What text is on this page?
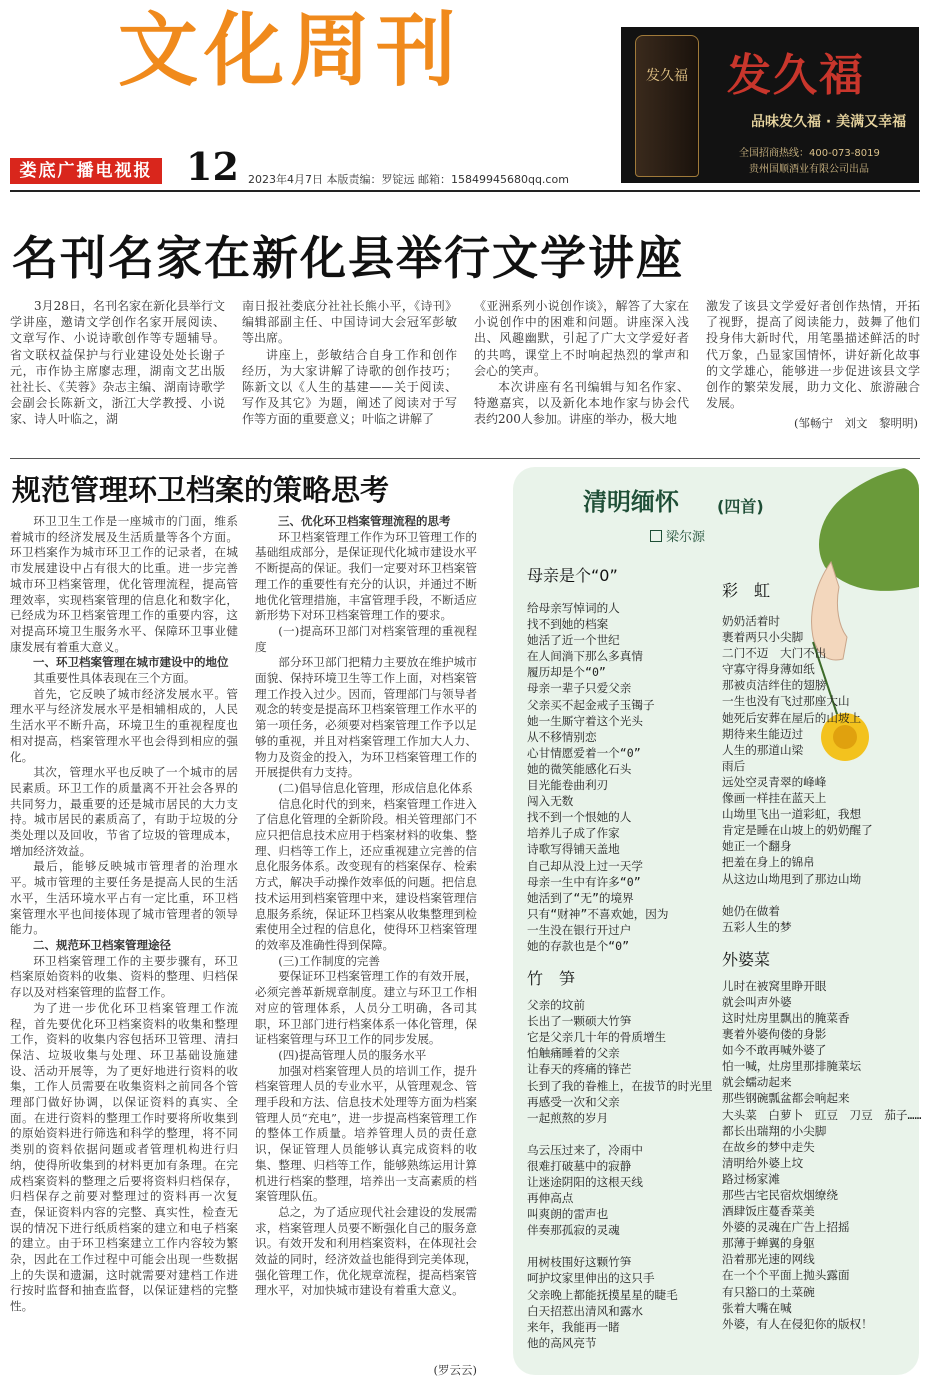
文化周刊
娄底广播电视报 12 2023年4月7日 本版责编：罗锭远 邮箱：15849945680qq.com
发久福 发久福
品味发久福 · 美满又幸福
全国招商热线：400-073-8019
贵州国顺酒业有限公司出品
名刊名家在新化县举行文学讲座

3月28日，名刊名家在新化县举行文学讲座，邀请文学创作名家开展阅读、文章写作、小说诗歌创作等专题辅导。省文联权益保护与行业建设处处长谢子元，市作协主席廖志理，湖南文艺出版社社长、《芙蓉》杂志主编、湖南诗歌学会副会长陈新文，浙江大学教授、小说家、诗人叶临之，湖

南日报社娄底分社社长熊小平，《诗刊》编辑部副主任、中国诗词大会冠军彭敏等出席。

讲座上，彭敏结合自身工作和创作经历，为大家讲解了诗歌的创作技巧；陈新文以《人生的基建——关于阅读、写作及其它》为题，阐述了阅读对于写作等方面的重要意义；叶临之讲解了

《亚洲系列小说创作谈》，解答了大家在小说创作中的困难和问题。讲座深入浅出、风趣幽默，引起了广大文学爱好者的共鸣，课堂上不时响起热烈的掌声和会心的笑声。

本次讲座有名刊编辑与知名作家、特邀嘉宾，以及新化本地作家与协会代表约200人参加。讲座的举办，极大地

激发了该县文学爱好者创作热情，开拓了视野，提高了阅读能力，鼓舞了他们投身伟大新时代，用笔墨描述鲜活的时代万象，凸显家国情怀，讲好新化故事的文学雄心，能够进一步促进该县文学创作的繁荣发展，助力文化、旅游融合发展。

(邹畅宁　刘文　黎明明)
规范管理环卫档案的策略思考

环卫卫生工作是一座城市的门面，维系着城市的经济发展及生活质量等各个方面。环卫档案作为城市环卫工作的记录者，在城市发展建设中占有很大的比重。进一步完善城市环卫档案管理，优化管理流程，提高管理效率，实现档案管理的信息化和数字化，已经成为环卫档案管理工作的重要内容，这对提高环境卫生服务水平、保障环卫事业健康发展有着重大意义。

一、环卫档案管理在城市建设中的地位

其重要性具体表现在三个方面。

首先，它反映了城市经济发展水平。管理水平与经济发展水平是相辅相成的，人民生活水平不断升高，环境卫生的重视程度也相对提高，档案管理水平也会得到相应的强化。

其次，管理水平也反映了一个城市的居民素质。环卫工作的质量离不开社会各界的共同努力，最重要的还是城市居民的大力支持。城市居民的素质高了，有助于垃圾的分类处理以及回收，节省了垃圾的管理成本，增加经济效益。

最后，能够反映城市管理者的治理水平。城市管理的主要任务是提高人民的生活水平，生活环境水平占有一定比重，环卫档案管理水平也间接体现了城市管理者的领导能力。

二、规范环卫档案管理途径

环卫档案管理工作的主要步骤有，环卫档案原始资料的收集、资料的整理、归档保存以及对档案管理的监督工作。

为了进一步优化环卫档案管理工作流程，首先要优化环卫档案资料的收集和整理工作，资料的收集内容包括环卫管理、清扫保洁、垃圾收集与处理、环卫基础设施建设、活动开展等，为了更好地进行资料的收集，工作人员需要在收集资料之前同各个管理部门做好协调，以保证资料的真实、全面。在进行资料的整理工作时要将所收集到的原始资料进行筛选和科学的整理，将不同类别的资料依据问题或者管理机构进行归纳，使得所收集到的材料更加有条理。在完成档案资料的整理之后要将资料归档保存，归档保存之前要对整理过的资料再一次复查，保证资料内容的完整、真实性，检查无误的情况下进行纸质档案的建立和电子档案的建立。由于环卫档案建立工作内容较为繁杂，因此在工作过程中可能会出现一些数据上的失误和遗漏，这时就需要对建档工作进行按时监督和抽查监督，以保证建档的完整性。

三、优化环卫档案管理流程的思考

环卫档案管理工作作为环卫管理工作的基础组成部分，是保证现代化城市建设水平不断提高的保证。我们一定要对环卫档案管理工作的重要性有充分的认识，并通过不断地优化管理措施，丰富管理手段，不断适应新形势下对环卫档案管理工作的要求。

(一)提高环卫部门对档案管理的重视程度

部分环卫部门把精力主要放在维护城市面貌、保持环境卫生等工作上面，对档案管理工作投入过少。因而，管理部门与领导者观念的转变是提高环卫档案管理工作水平的第一项任务，必须要对档案管理工作予以足够的重视，并且对档案管理工作加大人力、物力及资金的投入，为环卫档案管理工作的开展提供有力支持。

(二)倡导信息化管理，形成信息化体系

信息化时代的到来，档案管理工作进入了信息化管理的全新阶段。相关管理部门不应只把信息技术应用于档案材料的收集、整理、归档等工作上，还应重视建立完善的信息化服务体系。改变现有的档案保存、检索方式，解决手动操作效率低的问题。把信息技术运用到档案管理中来，建设档案管理信息服务系统，保证环卫档案从收集整理到检索使用全过程的信息化，使得环卫档案管理的效率及准确性得到保障。

(三)工作制度的完善

要保证环卫档案管理工作的有效开展，必须完善革新规章制度。建立与环卫工作相对应的管理体系，人员分工明确，各司其职，环卫部门进行档案体系一体化管理，保证档案管理与环卫工作的同步发展。

(四)提高管理人员的服务水平

加强对档案管理人员的培训工作，提升档案管理人员的专业水平，从管理观念、管理手段和方法、信息技术处理等方面为档案管理人员“充电”，进一步提高档案管理工作的整体工作质量。培养管理人员的责任意识，保证管理人员能够认真完成资料的收集、整理、归档等工作，能够熟练运用计算机进行档案的整理，培养出一支高素质的档案管理队伍。

总之，为了适应现代社会建设的发展需求，档案管理人员要不断强化自己的服务意识。有效开发和利用档案资料，在体现社会效益的同时，经济效益也能得到完美体现，强化管理工作，优化规章流程，提高档案管理水平，对加快城市建设有着重大意义。

(罗云云)
清明缅怀 (四首)
梁尔源
母亲是个“0”
给母亲写悼词的人
找不到她的档案
她活了近一个世纪
在人间淌下那么多真情
履历却是个“0”
母亲一辈子只爱父亲
父亲买不起金戒子玉镯子
她一生厮守着这个光头
从不移情别恋
心甘情愿爱着一个“0”
她的微笑能感化石头
目光能卷曲利刃
闯入无数
找不到一个恨她的人
培养儿子成了作家
诗歌写得铺天盖地
自己却从没上过一天学
母亲一生中有许多“0”
她活到了“无”的境界
只有“财神”不喜欢她，因为
一生没在银行开过户
她的存款也是个“0”
竹　笋
父亲的坟前
长出了一颗硕大竹笋
它是父亲几十年的骨质增生
怕触痛睡着的父亲
让春天的疼痛的锋芒
长到了我的眷椎上，在拔节的时光里
再感受一次和父亲
一起煎熬的岁月
乌云压过来了，冷雨中
很难打破墓中的寂静
让迷途阴阳的这根天线
再伸高点
叫爽朗的雷声也
伴奏那孤寂的灵魂
用树枝围好这颗竹笋
呵护坟家里伸出的这只手
父亲晚上都能抚摸星星的睫毛
白天招惹出清风和露水
来年，我能再一睹
他的高风亮节
彩　虹
奶奶活着时
裹着两只小尖脚
二门不迈　大门不出
守寡守得身薄如纸
那被贞洁绊住的翅膀
一生也没有飞过那座大山
她死后安葬在屋后的山坡上
期待来生能迈过
人生的那道山梁
雨后
远处空灵青翠的峰峰
像画一样挂在蓝天上
山坳里飞出一道彩虹，我想
肯定是睡在山坡上的奶奶醒了
她正一个翻身
把羞在身上的锦帛
从这边山坳甩到了那边山坳
她仍在做着
五彩人生的梦
外婆菜
儿时在被窝里睁开眼
就会叫声外婆
这时灶房里飘出的腌菜香
裹着外婆佝偻的身影
如今不敢再喊外婆了
怕一喊，灶房里那排腌菜坛
就会蠕动起来
那些钢碗瓢盆都会响起来
大头菜　白萝卜　豇豆　刀豆　茄子……
都长出瑞翔的小尖脚
在故乡的梦中走失
清明给外婆上坟
路过杨家滩
那些古宅民宿炊烟缭绕
酒肆饭庄蔓香菜美
外婆的灵魂在广告上招摇
那薄于蝉翼的身躯
沿着那光速的网线
在一个个平面上抛头露面
有只豁口的土菜碗
张着大嘴在喊
外婆，有人在侵犯你的版权！
